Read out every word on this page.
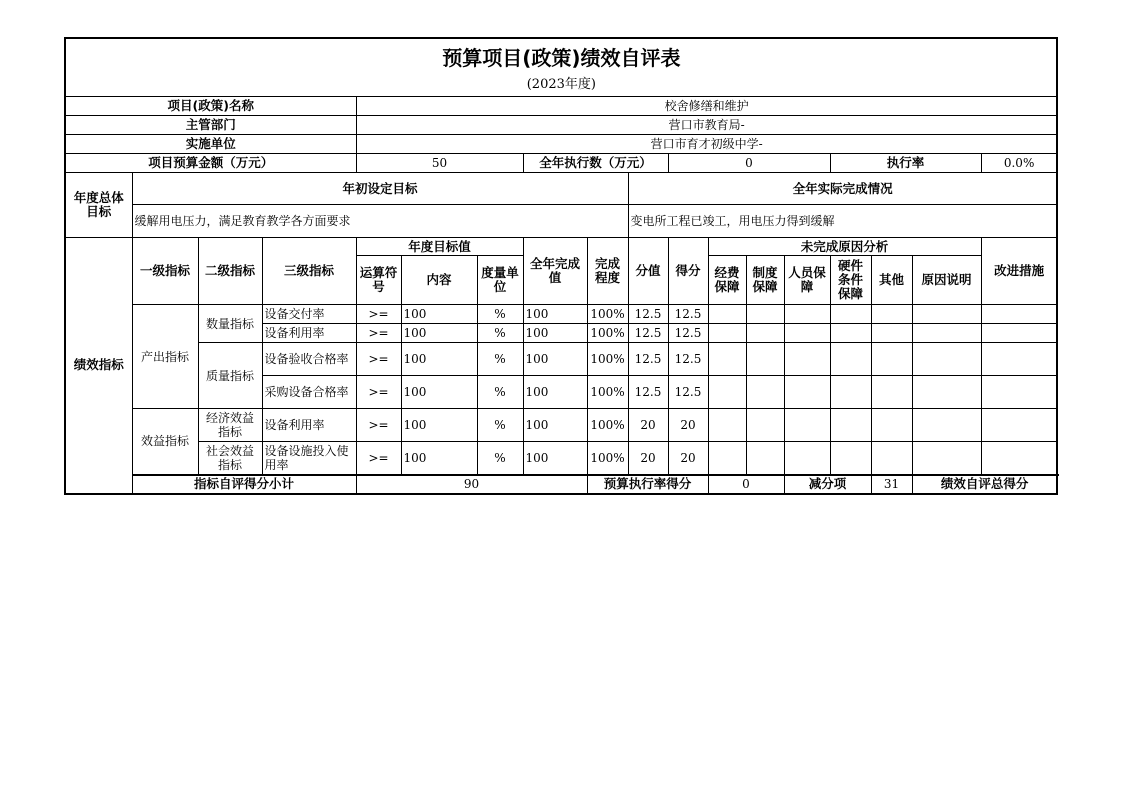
预算项目(政策)绩效自评表																		
(2023年度)																		
项目(政策)名称				校舍修缮和维护														
主管部门				营口市教育局-														
实施单位				营口市育才初级中学-														
项目预算金额（万元）				50			全年执行数（万元）			0				执行率			0.0%	
年度总体目标	年初设定目标								全年实际完成情况									
	缓解用电压力，满足教育教学各方面要求								变电所工程已竣工，用电压力得到缓解									
绩效指标	一级指标	二级指标	三级指标	年度目标值			全年完成值	完成程度	分值	得分	未完成原因分析						改进措施	
				运算符号	内容	度量单位					经费保障	制度保障	人员保障	硬件条件保障	其他	原因说明		
	产出指标	数量指标	设备交付率	>=	100	%	100	100%	12.5	12.5								
			设备利用率	>=	100	%	100	100%	12.5	12.5								
		质量指标	设备验收合格率	>=	100	%	100	100%	12.5	12.5								
			采购设备合格率	>=	100	%	100	100%	12.5	12.5								
	效益指标	经济效益指标	设备利用率	>=	100	%	100	100%	20	20								
		社会效益指标	设备设施投入使用率	>=	100	%	100	100%	20	20								
	指标自评得分小计			90				预算执行率得分			0		减分项		31	绩效自评总得分	
